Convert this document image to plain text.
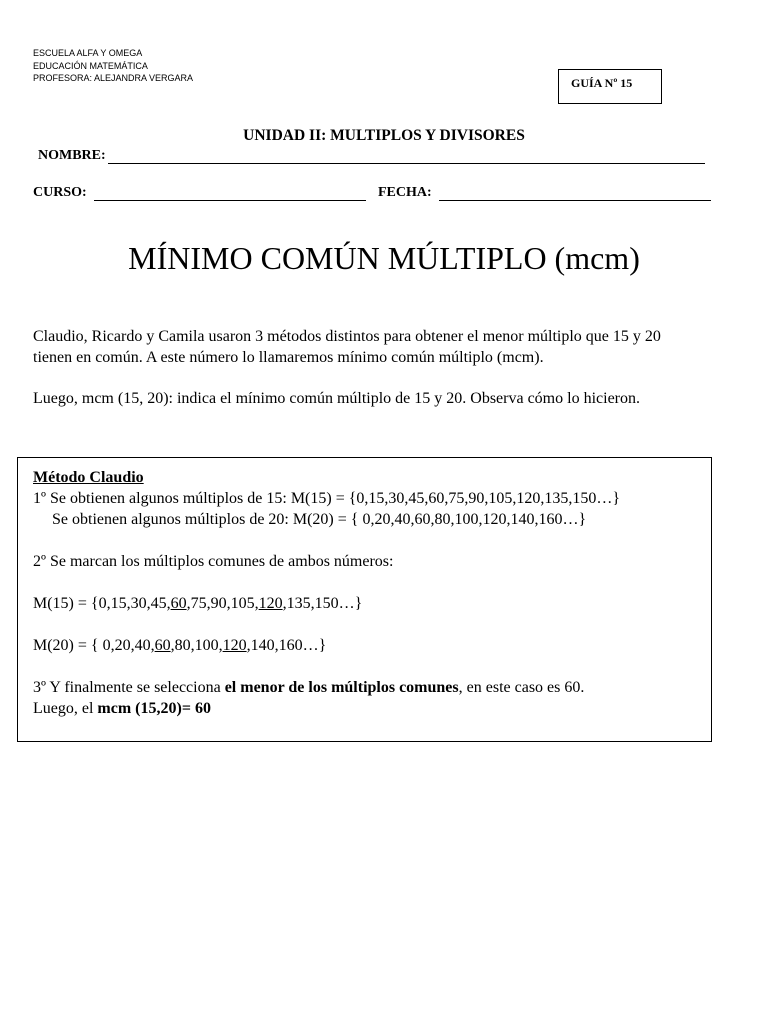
ESCUELA ALFA Y OMEGA
EDUCACIÓN MATEMÁTICA
PROFESORA: ALEJANDRA VERGARA	GUÍA Nº 15
UNIDAD II: MULTIPLOS Y DIVISORES
NOMBRE:
CURSO:	FECHA:
MÍNIMO COMÚN MÚLTIPLO (mcm)
Claudio, Ricardo y Camila usaron 3 métodos distintos para obtener el menor múltiplo que 15 y 20
tienen en común. A este número lo llamaremos mínimo común múltiplo (mcm).
Luego, mcm (15, 20): indica el mínimo común múltiplo de 15 y 20. Observa cómo lo hicieron.
Método Claudio
1º Se obtienen algunos múltiplos de 15: M(15) = {0,15,30,45,60,75,90,105,120,135,150…}
Se obtienen algunos múltiplos de 20: M(20) = { 0,20,40,60,80,100,120,140,160…}
2º Se marcan los múltiplos comunes de ambos números:
M(15) = {0,15,30,45,60,75,90,105,120,135,150…}
M(20) = { 0,20,40,60,80,100,120,140,160…}
3º Y finalmente se selecciona el menor de los múltiplos comunes, en este caso es 60.
Luego, el mcm (15,20)= 60
